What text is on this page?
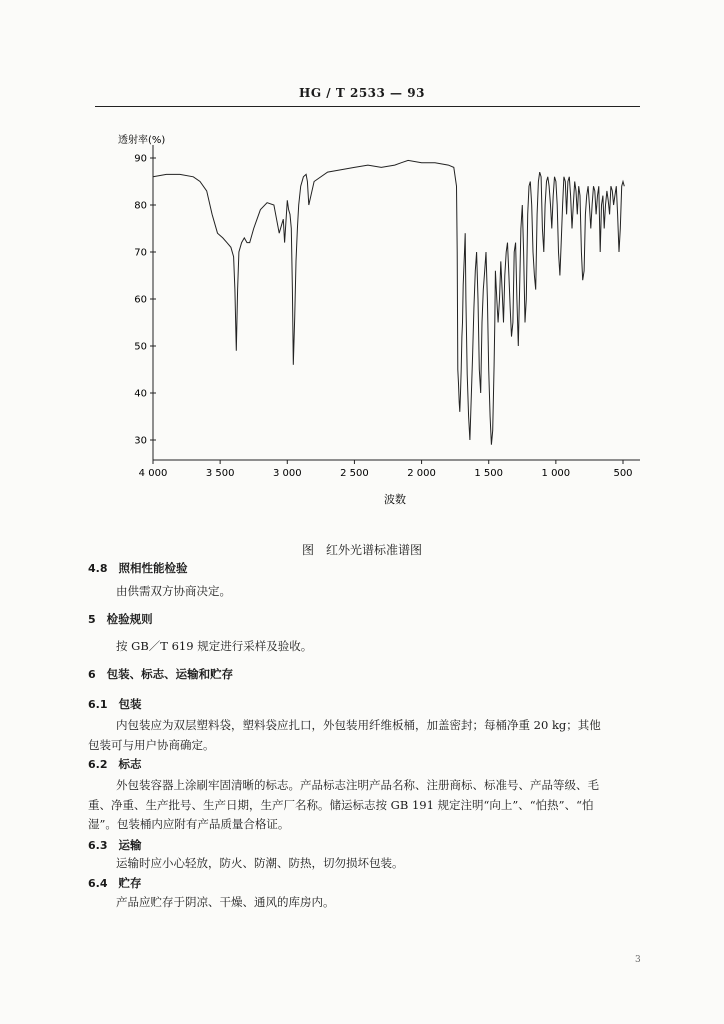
HG / T 2533 — 93
30
40
50
60
70
80
90
4 000	3 500	3 000	2 500	2 000	1 500	1 000	500
透射率(%)
波数
图　红外光谱标准谱图
4.8 照相性能检验
由供需双方协商决定。
5 检验规则
按 GB／T 619 规定进行采样及验收。
6 包装、标志、运输和贮存
6.1 包装
内包装应为双层塑料袋，塑料袋应扎口，外包装用纤维板桶，加盖密封；每桶净重 20 kg；其他
包装可与用户协商确定。
6.2 标志
外包装容器上涂刷牢固清晰的标志。产品标志注明产品名称、注册商标、标准号、产品等级、毛
重、净重、生产批号、生产日期，生产厂名称。储运标志按 GB 191 规定注明“向上”、“怕热”、“怕
湿”。包装桶内应附有产品质量合格证。
6.3 运输
运输时应小心轻放，防火、防潮、防热，切勿损坏包装。
6.4 贮存
产品应贮存于阴凉、干燥、通风的库房内。
3
